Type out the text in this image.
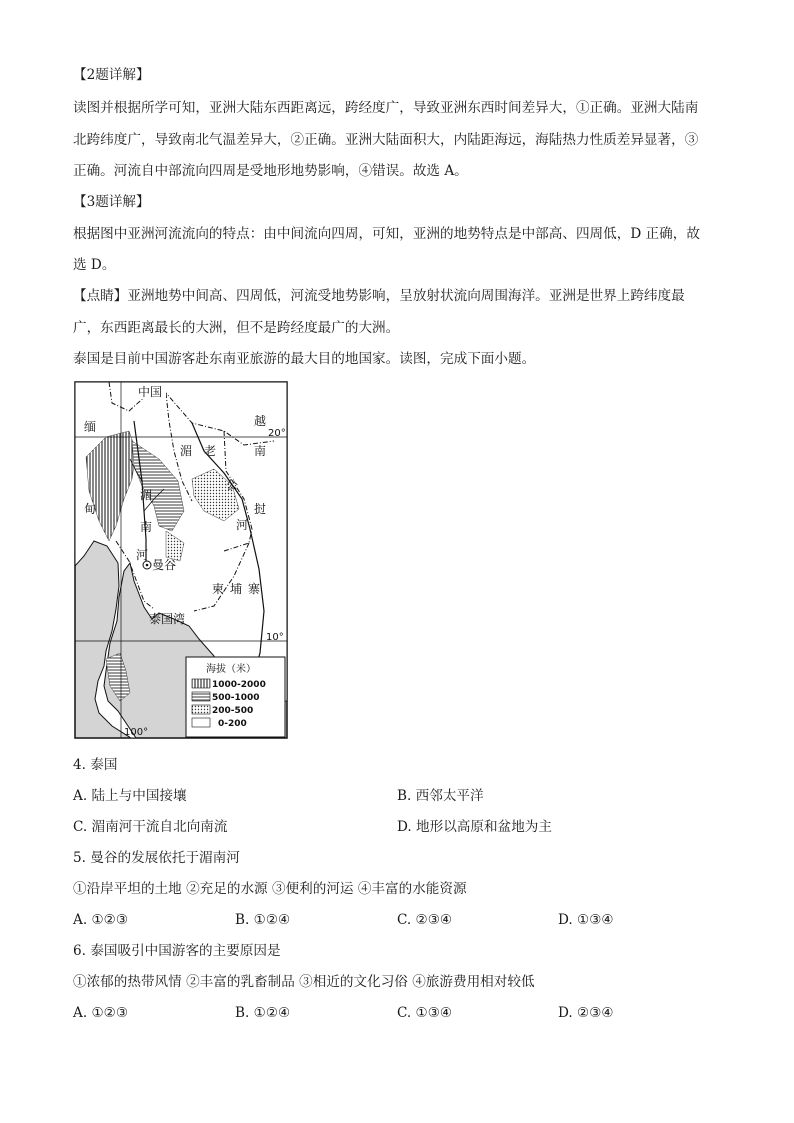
【2题详解】
读图并根据所学可知，亚洲大陆东西距离远，跨经度广，导致亚洲东西时间差异大，①正确。亚洲大陆南
北跨纬度广，导致南北气温差异大，②正确。亚洲大陆面积大，内陆距海远，海陆热力性质差异显著，③
正确。河流自中部流向四周是受地形地势影响，④错误。故选 A。
【3题详解】
根据图中亚洲河流流向的特点：由中间流向四周，可知，亚洲的地势特点是中部高、四周低，D 正确，故
选 D。
【点睛】亚洲地势中间高、四周低，河流受地势影响，呈放射状流向周围海洋。亚洲是世界上跨纬度最
广，东西距离最长的大洲，但不是跨经度最广的大洲。
泰国是目前中国游客赴东南亚旅游的最大目的地国家。读图，完成下面小题。
中国
缅
甸
越
20°
湄 老	南
公
河
挝
湄
南
河
曼谷
柬 埔 寨
泰国湾
10°
100°
海拔（米）
1000-2000
500-1000
200-500
0-200
4. 泰国
A. 陆上与中国接壤	B. 西邻太平洋
C. 湄南河干流自北向南流	D. 地形以高原和盆地为主
5. 曼谷的发展依托于湄南河
①沿岸平坦的土地 ②充足的水源 ③便利的河运 ④丰富的水能资源
A. ①②③	B. ①②④	C. ②③④	D. ①③④
6. 泰国吸引中国游客的主要原因是
①浓郁的热带风情 ②丰富的乳畜制品 ③相近的文化习俗 ④旅游费用相对较低
A. ①②③	B. ①②④	C. ①③④	D. ②③④
